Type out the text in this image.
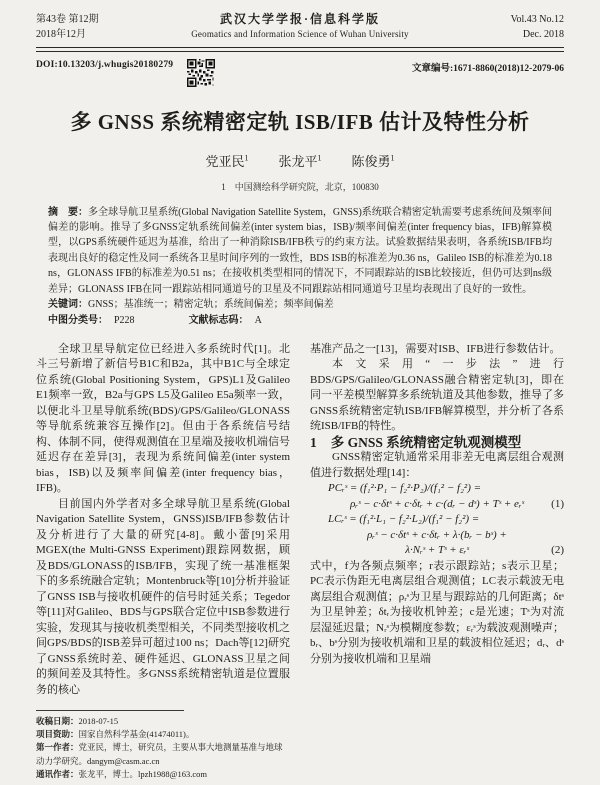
第43卷 第12期
2018年12月
武汉大学学报·信息科学版
Geomatics and Information Science of Wuhan University
Vol.43 No.12
Dec. 2018
DOI:10.13203/j.whugis20180279	文章编号:1671-8860(2018)12-2079-06
多 GNSS 系统精密定轨 ISB/IFB 估计及特性分析
党亚民$^1$ 张龙平$^1$ 陈俊勇$^1$
1　中国测绘科学研究院，北京，100830

摘　要：多全球导航卫星系统(Global Navigation Satellite System，GNSS)系统联合精密定轨需要考虑系统间及频率间偏差的影响。推导了多GNSS定轨系统间偏差(inter system bias，ISB)/频率间偏差(inter frequency bias，IFB)解算模型，以GPS系统硬件延迟为基准，给出了一种消除ISB/IFB秩亏的约束方法。试验数据结果表明，各系统ISB/IFB均表现出良好的稳定性及同一系统各卫星时间序列的一致性，BDS ISB的标准差为0.36 ns，Galileo ISB的标准差为0.18 ns，GLONASS IFB的标准差为0.51 ns；在接收机类型相同的情况下，不同跟踪站的ISB比较接近，但仍可达到ns级差异；GLONASS IFB在同一跟踪站相同通道号的卫星及不同跟踪站相同通道号卫星均表现出了良好的一致性。

关键词：GNSS；基准统一；精密定轨；系统间偏差；频率间偏差

中图分类号： P228	文献标志码： A

全球卫星导航定位已经进入多系统时代[1]。北斗三号新增了新信号B1C和B2a，其中B1C与全球定位系统(Global Positioning System，GPS)L1及Galileo E1频率一致，B2a与GPS L5及Galileo E5a频率一致，以便北斗卫星导航系统(BDS)/GPS/Galileo/GLONASS等导航系统兼容互操作[2]。但由于各系统信号结构、体制不同，使得观测值在卫星端及接收机端信号延迟存在差异[3]，表现为系统间偏差(inter system bias，ISB)以及频率间偏差(inter frequency bias，IFB)。

目前国内外学者对多全球导航卫星系统(Global Navigation Satellite System，GNSS)ISB/IFB参数估计及分析进行了大量的研究[4-8]。戴小蕾[9]采用MGEX(the Multi-GNSS Experiment)跟踪网数据，顾及BDS/GLONASS的ISB/IFB，实现了统一基准框架下的多系统融合定轨；Montenbruck等[10]分析并验证了GNSS ISB与接收机硬件的信号时延关系；Tegedor等[11]对Galileo、BDS与GPS联合定位中ISB参数进行实验，发现其与接收机类型相关，不同类型接收机之间GPS/BDS的ISB差异可超过100 ns；Dach等[12]研究了GNSS系统时差、硬件延迟、GLONASS卫星之间的频间差及其特性。多GNSS系统精密轨道是位置服务的核心

收稿日期：2018-07-15

项目资助：国家自然科学基金(41474011)。

第一作者：党亚民，博士，研究员，主要从事大地测量基准与地球动力学研究。dangym@casm.ac.cn

通讯作者：张龙平，博士。lpzh1988@163.com

基准产品之一[13]，需要对ISB、IFB进行参数估计。

本文采用“一步法”进行BDS/GPS/Galileo/GLONASS融合精密定轨[3]，即在同一平差模型解算多系统轨道及其他参数，推导了多GNSS系统精密定轨ISB/IFB解算模型，并分析了各系统ISB/IFB的特性。

1 多 GNSS 系统精密定轨观测模型

GNSS精密定轨通常采用非差无电离层组合观测值进行数据处理[14]：

PCᵣˢ = (f₁²·P₁ − f₂²·P₂)/(f₁² − f₂²) =
ρᵣˢ − c·δtˢ + c·δtᵣ + c·(dᵣ − dˢ) + Tˢ + eᵣˢ (1)
LCᵣˢ = (f₁²·L₁ − f₂²·L₂)/(f₁² − f₂²) =
ρᵣˢ − c·δtˢ + c·δtᵣ + λ·(bᵣ − bˢ) +
λ·Nᵣˢ + Tˢ + εᵣˢ	(2)

式中，f为各频点频率；r表示跟踪站；s表示卫星；PC表示伪距无电离层组合观测值；LC表示载波无电离层组合观测值；ρᵣˢ为卫星与跟踪站的几何距离；δtˢ为卫星钟差；δtᵣ为接收机钟差；c是光速；Tˢ为对流层湿延迟量；Nᵣˢ为模糊度参数；εᵣˢ为载波观测噪声；bᵣ、bˢ分别为接收机端和卫星的载波相位延迟；dᵣ、dˢ分别为接收机端和卫星端
